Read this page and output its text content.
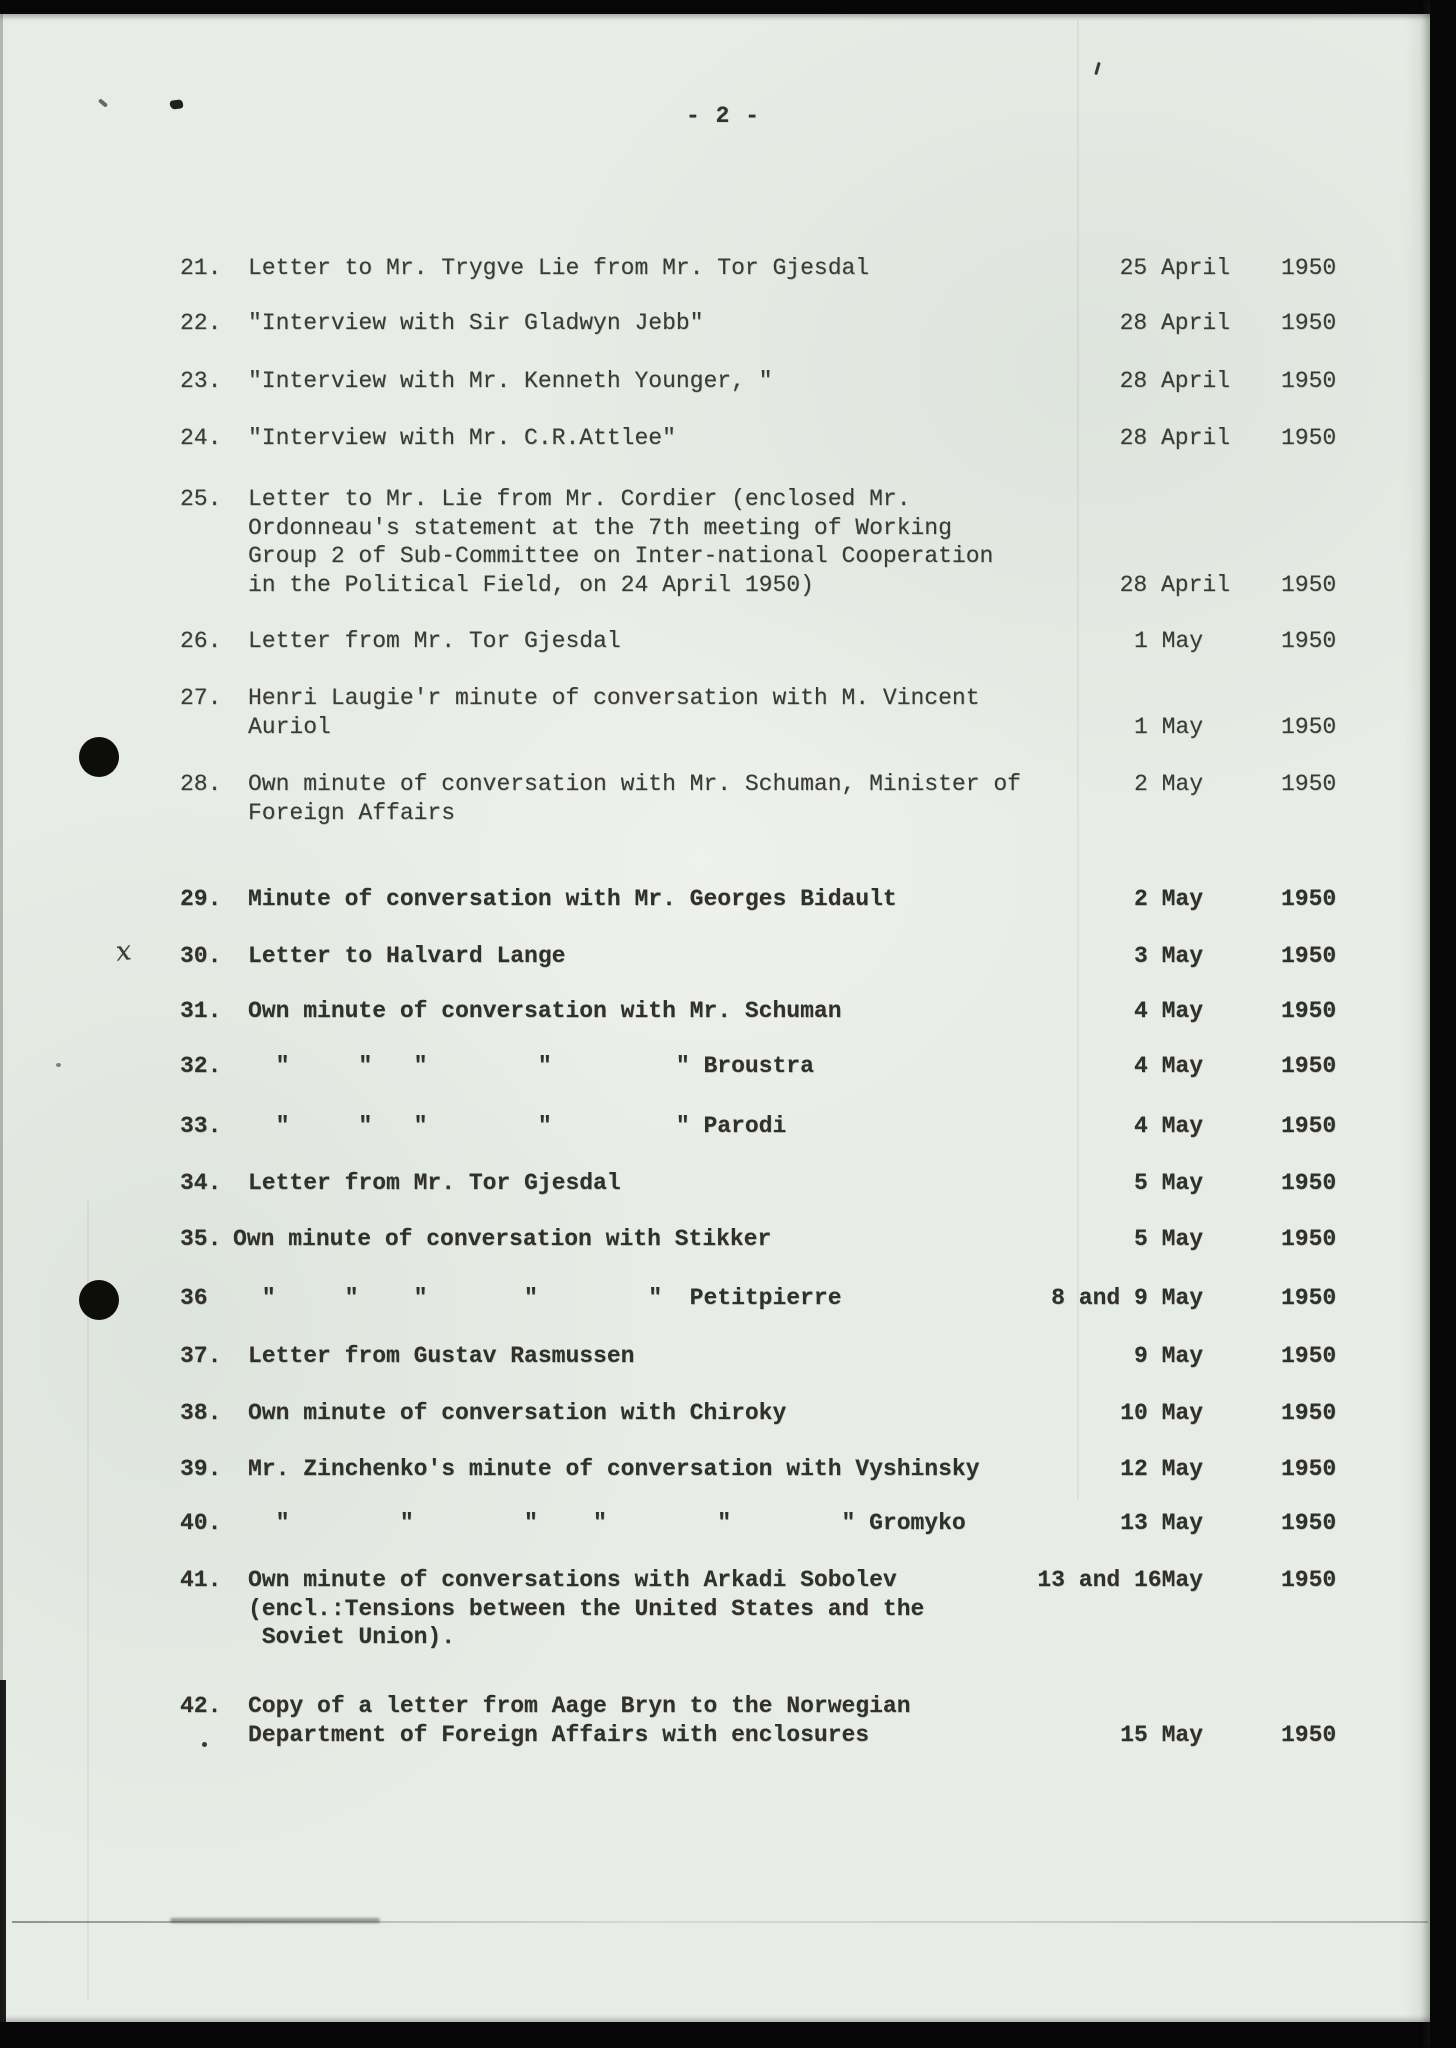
- 2 -
21. Letter to Mr. Trygve Lie from Mr. Tor Gjesdal	25 April 1950
22. "Interview with Sir Gladwyn Jebb"	28 April 1950
23. "Interview with Mr. Kenneth Younger, "	28 April 1950
24. "Interview with Mr. C.R.Attlee"	28 April 1950
25. Letter to Mr. Lie from Mr. Cordier (enclosed Mr.
Ordonneau's statement at the 7th meeting of Working
Group 2 of Sub-Committee on Inter-national Cooperation
in the Political Field, on 24 April 1950)	28 April 1950
26. Letter from Mr. Tor Gjesdal	1 May	1950
27. Henri Laugie'r minute of conversation with M. Vincent
Auriol	1 May	1950
28. Own minute of conversation with Mr. Schuman, Minister of
Foreign Affairs
2 May	1950
29. Minute of conversation with Mr. Georges Bidault	2 May	1950
30. Letter to Halvard Lange	3 May	1950
31. Own minute of conversation with Mr. Schuman	4 May	1950
32. "     "   "        "         " Broustra	4 May	1950
33. "     "   "        "         " Parodi	4 May	1950
34. Letter from Mr. Tor Gjesdal	5 May	1950
35. Own minute of conversation with Stikker	5 May	1950
36 "     "    "       "        "  Petitpierre	8 and 9 May	1950
37. Letter from Gustav Rasmussen	9 May	1950
38. Own minute of conversation with Chiroky	10 May	1950
39. Mr. Zinchenko's minute of conversation with Vyshinsky	12 May	1950
40. "        "        "    "        "        " Gromyko	13 May	1950
41. Own minute of conversations with Arkadi Sobolev
(encl.:Tensions between the United States and the
Soviet Union).
13 and 16May	1950
42. Copy of a letter from Aage Bryn to the Norwegian
Department of Foreign Affairs with enclosures	15 May	1950
x
